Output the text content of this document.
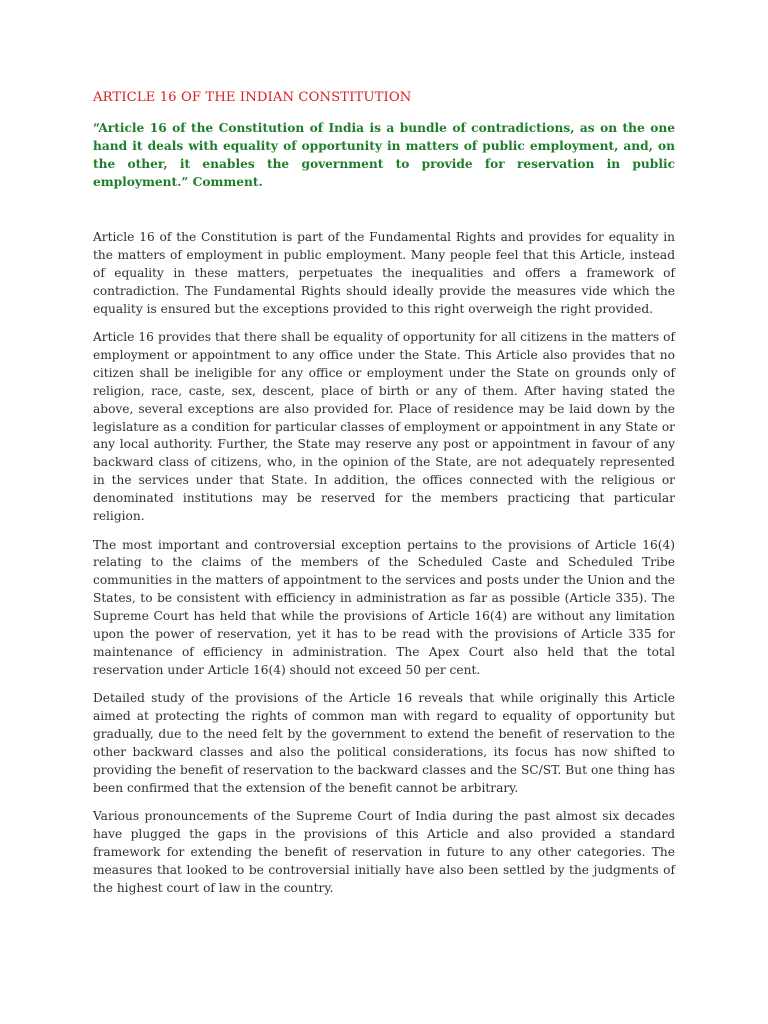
ARTICLE 16 OF THE INDIAN CONSTITUTION

“Article 16 of the Constitution of India is a bundle of contradictions, as on the one hand it deals with equality of opportunity in matters of public employment, and, on the other, it enables the government to provide for reservation in public employment.” Comment.

Article 16 of the Constitution is part of the Fundamental Rights and provides for equality in the matters of employment in public employment. Many people feel that this Article, instead of equality in these matters, perpetuates the inequalities and offers a framework of contradiction. The Fundamental Rights should ideally provide the measures vide which the equality is ensured but the exceptions provided to this right overweigh the right provided.

Article 16 provides that there shall be equality of opportunity for all citizens in the matters of employment or appointment to any office under the State. This Article also provides that no citizen shall be ineligible for any office or employment under the State on grounds only of religion, race, caste, sex, descent, place of birth or any of them. After having stated the above, several exceptions are also provided for. Place of residence may be laid down by the legislature as a condition for particular classes of employment or appointment in any State or any local authority. Further, the State may reserve any post or appointment in favour of any backward class of citizens, who, in the opinion of the State, are not adequately represented in the services under that State. In addition, the offices connected with the religious or denominated institutions may be reserved for the members practicing that particular religion.

The most important and controversial exception pertains to the provisions of Article 16(4) relating to the claims of the members of the Scheduled Caste and Scheduled Tribe communities in the matters of appointment to the services and posts under the Union and the States, to be consistent with efficiency in administration as far as possible (Article 335). The Supreme Court has held that while the provisions of Article 16(4) are without any limitation upon the power of reservation, yet it has to be read with the provisions of Article 335 for maintenance of efficiency in administration. The Apex Court also held that the total reservation under Article 16(4) should not exceed 50 per cent.

Detailed study of the provisions of the Article 16 reveals that while originally this Article aimed at protecting the rights of common man with regard to equality of opportunity but gradually, due to the need felt by the government to extend the benefit of reservation to the other backward classes and also the political considerations, its focus has now shifted to providing the benefit of reservation to the backward classes and the SC/ST. But one thing has been confirmed that the extension of the benefit cannot be arbitrary.

Various pronouncements of the Supreme Court of India during the past almost six decades have plugged the gaps in the provisions of this Article and also provided a standard framework for extending the benefit of reservation in future to any other categories. The measures that looked to be controversial initially have also been settled by the judgments of the highest court of law in the country.
